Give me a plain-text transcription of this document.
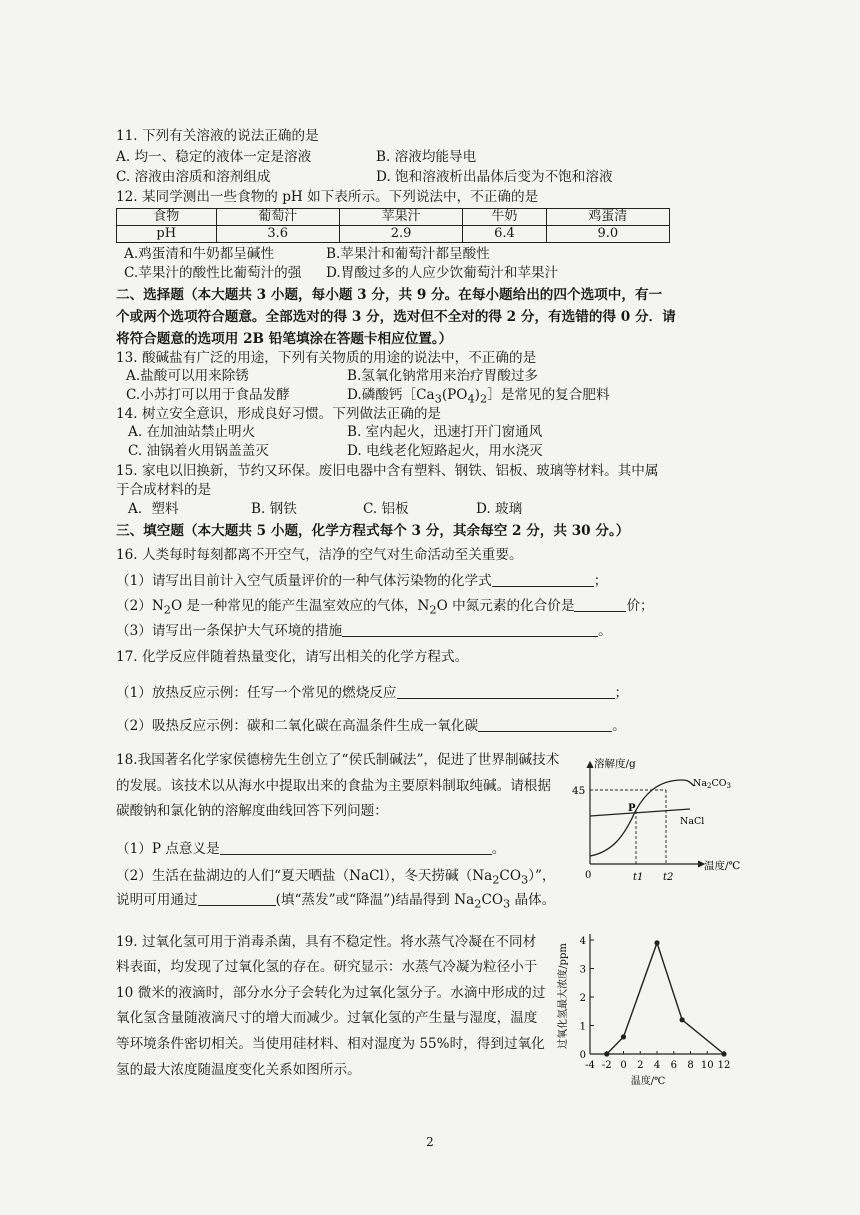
11. 下列有关溶液的说法正确的是
A. 均一、稳定的液体一定是溶液	B. 溶液均能导电
C. 溶液由溶质和溶剂组成	D. 饱和溶液析出晶体后变为不饱和溶液
12. 某同学测出一些食物的 pH 如下表所示。下列说法中，不正确的是
食物	葡萄汁	苹果汁	牛奶	鸡蛋清
pH	3.6	2.9	6.4	9.0
A.鸡蛋清和牛奶都呈碱性	B.苹果汁和葡萄汁都呈酸性
C.苹果汁的酸性比葡萄汁的强 D.胃酸过多的人应少饮葡萄汁和苹果汁
二、选择题（本大题共 3 小题，每小题 3 分，共 9 分。在每小题给出的四个选项中，有一
个或两个选项符合题意。全部选对的得 3 分，选对但不全对的得 2 分，有选错的得 0 分．请
将符合题意的选项用 2B 铅笔填涂在答题卡相应位置。）
13. 酸碱盐有广泛的用途，下列有关物质的用途的说法中，不正确的是
A.盐酸可以用来除锈	B.氢氧化钠常用来治疗胃酸过多
C.小苏打可以用于食品发酵	D.磷酸钙$[Ca_3(PO_4)_2]$是常见的复合肥料
14. 树立安全意识，形成良好习惯。下列做法正确的是
A. 在加油站禁止明火	B. 室内起火，迅速打开门窗通风
C. 油锅着火用锅盖盖灭	D. 电线老化短路起火，用水浇灭
15. 家电以旧换新，节约又环保。废旧电器中含有塑料、钢铁、铝板、玻璃等材料。其中属
于合成材料的是
A．塑料	B. 钢铁	C. 铝板	D. 玻璃
三、填空题（本大题共 5 小题，化学方程式每个 3 分，其余每空 2 分，共 30 分。）
16. 人类每时每刻都离不开空气，洁净的空气对生命活动至关重要。
（1）请写出目前计入空气质量评价的一种气体污染物的化学式	；
$(2)N_2O$ 是一种常见的能产生温室效应的气体，$N_2O$ 中氮元素的化合价是	价；
（3）请写出一条保护大气环境的措施	。
17. 化学反应伴随着热量变化，请写出相关的化学方程式。
（1）放热反应示例：任写一个常见的燃烧反应	；
（2）吸热反应示例：碳和二氧化碳在高温条件生成一氧化碳	。
18.我国著名化学家侯德榜先生创立了“侯氏制碱法”，促进了世界制碱技术
的发展。该技术以从海水中提取出来的食盐为主要原料制取纯碱。请根据
碳酸钠和氯化钠的溶解度曲线回答下列问题：
（1）P 点意义是	。
（2）生活在盐湖边的人们“夏天晒盐（NaCl），冬天捞碱$(Na_2CO_3)$”，
说明可用通过	(填“蒸发”或“降温”)结晶得到 $Na_2CO_3$ 晶体。
溶解度/g
温度/℃
45
P
$Na_2CO_3$
NaCl
0	t1 t2
19. 过氧化氢可用于消毒杀菌，具有不稳定性。将水蒸气冷凝在不同材
料表面，均发现了过氧化氢的存在。研究显示：水蒸气冷凝为粒径小于
10 微米的液滴时，部分水分子会转化为过氧化氢分子。水滴中形成的过
氧化氢含量随液滴尺寸的增大而减少。过氧化氢的产生量与湿度，温度
等环境条件密切相关。当使用硅材料、相对湿度为 55%时，得到过氧化
氢的最大浓度随温度变化关系如图所示。
过氧化氢最大浓度/ppm
温度/℃
0
1
2
3
4
-4 -2 0 2 4 6 8 10 12
2
